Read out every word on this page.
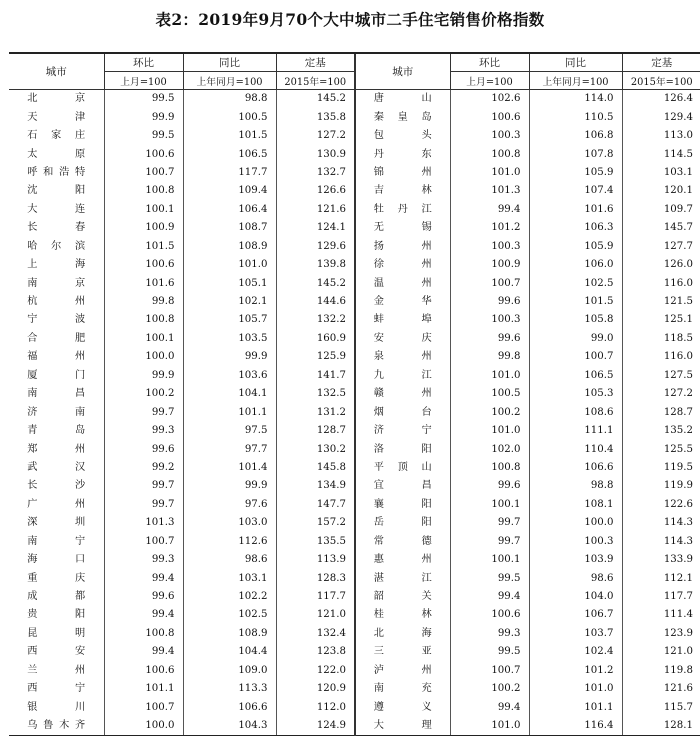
表2：2019年9月70个大中城市二手住宅销售价格指数
城市	环比	同比	定基	城市	环比	同比	定基
	上月=100	上年同月=100	2015年=100		上月=100	上年同月=100	2015年=100
北 京	99.5	98.8	145.2	唐 山	102.6	114.0	126.4
天 津	99.9	100.5	135.8	秦皇岛	100.6	110.5	129.4
石家庄	99.5	101.5	127.2	包 头	100.3	106.8	113.0
太 原	100.6	106.5	130.9	丹 东	100.8	107.8	114.5
呼和浩特	100.7	117.7	132.7	锦 州	101.0	105.9	103.1
沈 阳	100.8	109.4	126.6	吉 林	101.3	107.4	120.1
大 连	100.1	106.4	121.6	牡丹江	99.4	101.6	109.7
长 春	100.9	108.7	124.1	无 锡	101.2	106.3	145.7
哈尔滨	101.5	108.9	129.6	扬 州	100.3	105.9	127.7
上 海	100.6	101.0	139.8	徐 州	100.9	106.0	126.0
南 京	101.6	105.1	145.2	温 州	100.7	102.5	116.0
杭 州	99.8	102.1	144.6	金 华	99.6	101.5	121.5
宁 波	100.8	105.7	132.2	蚌 埠	100.3	105.8	125.1
合 肥	100.1	103.5	160.9	安 庆	99.6	99.0	118.5
福 州	100.0	99.9	125.9	泉 州	99.8	100.7	116.0
厦 门	99.9	103.6	141.7	九 江	101.0	106.5	127.5
南 昌	100.2	104.1	132.5	赣 州	100.5	105.3	127.2
济 南	99.7	101.1	131.2	烟 台	100.2	108.6	128.7
青 岛	99.3	97.5	128.7	济 宁	101.0	111.1	135.2
郑 州	99.6	97.7	130.2	洛 阳	102.0	110.4	125.5
武 汉	99.2	101.4	145.8	平顶山	100.8	106.6	119.5
长 沙	99.7	99.9	134.9	宜 昌	99.6	98.8	119.9
广 州	99.7	97.6	147.7	襄 阳	100.1	108.1	122.6
深 圳	101.3	103.0	157.2	岳 阳	99.7	100.0	114.3
南 宁	100.7	112.6	135.5	常 德	99.7	100.3	114.3
海 口	99.3	98.6	113.9	惠 州	100.1	103.9	133.9
重 庆	99.4	103.1	128.3	湛 江	99.5	98.6	112.1
成 都	99.6	102.2	117.7	韶 关	99.4	104.0	117.7
贵 阳	99.4	102.5	121.0	桂 林	100.6	106.7	111.4
昆 明	100.8	108.9	132.4	北 海	99.3	103.7	123.9
西 安	99.4	104.4	123.8	三 亚	99.5	102.4	121.0
兰 州	100.6	109.0	122.0	泸 州	100.7	101.2	119.8
西 宁	101.1	113.3	120.9	南 充	100.2	101.0	121.6
银 川	100.7	106.6	112.0	遵 义	99.4	101.1	115.7
乌鲁木齐	100.0	104.3	124.9	大 理	101.0	116.4	128.1
